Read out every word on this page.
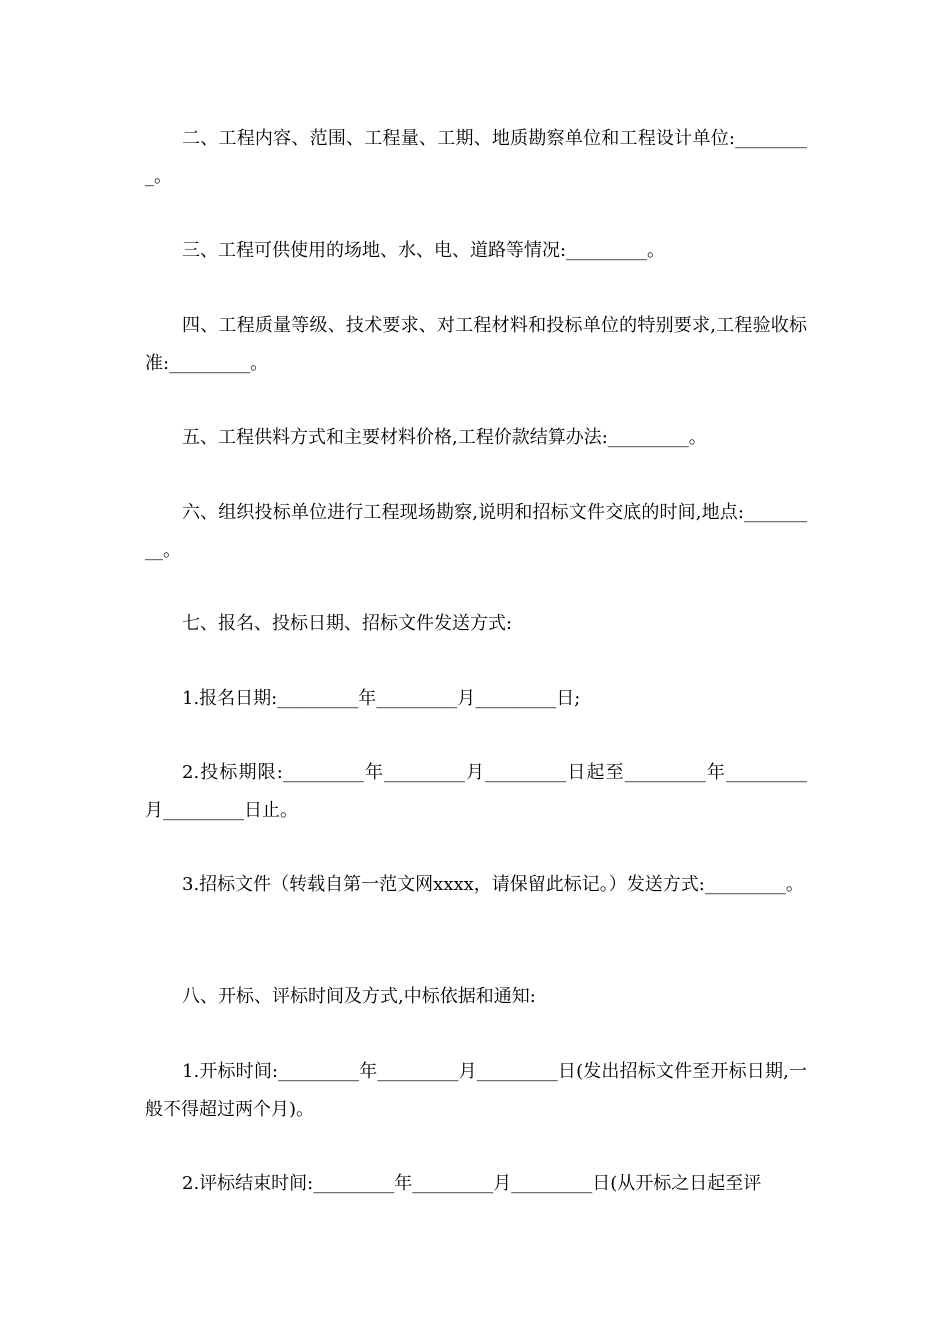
二、工程内容、范围、工程量、工期、地质勘察单位和工程设计单位:_________。

三、工程可供使用的场地、水、电、道路等情况:_________。

四、工程质量等级、技术要求、对工程材料和投标单位的特别要求,工程验收标准:_________。

五、工程供料方式和主要材料价格,工程价款结算办法:_________。

六、组织投标单位进行工程现场勘察,说明和招标文件交底的时间,地点:_________。

七、报名、投标日期、招标文件发送方式:

1.报名日期:_________年_________月_________日;

2.投标期限:_________年_________月_________日起至_________年_________月_________日止。

3.招标文件（转载自第一范文网xxxx，请保留此标记。）发送方式:_________。

八、开标、评标时间及方式,中标依据和通知:

1.开标时间:_________年_________月_________日(发出招标文件至开标日期,一般不得超过两个月)。

2.评标结束时间:_________年_________月_________日(从开标之日起至评
